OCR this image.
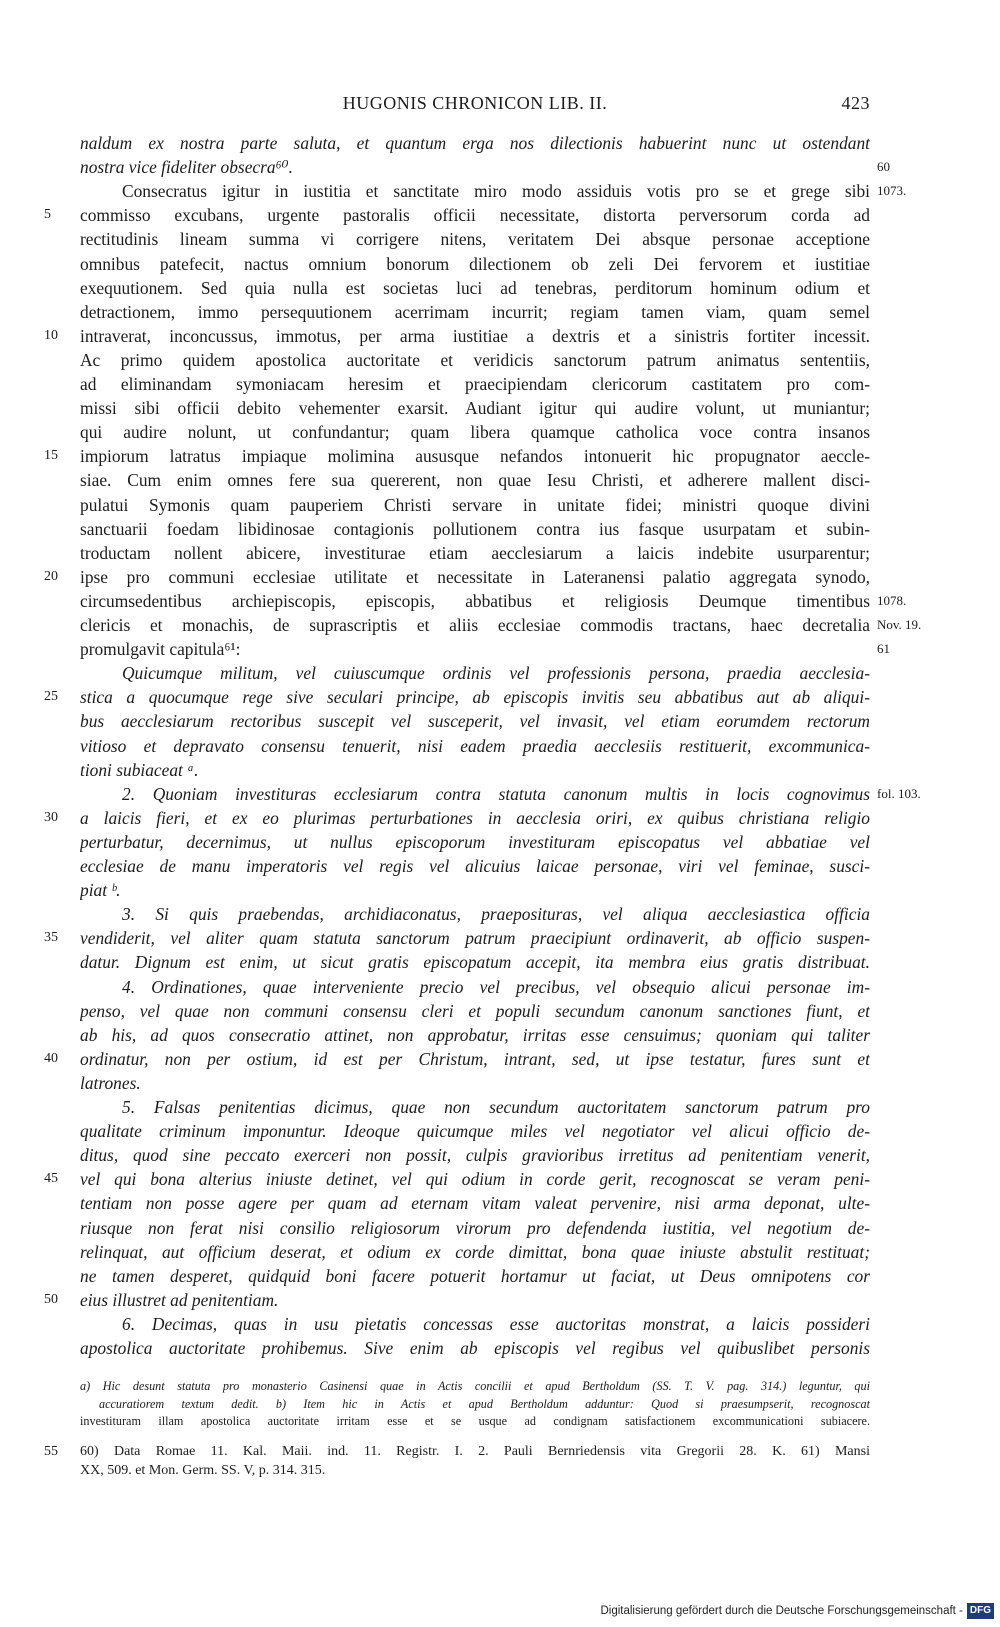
HUGONIS CHRONICON LIB. II.	423
naldum ex nostra parte saluta, et quantum erga nos dilectionis habuerint nunc ut ostendant
nostra vice fideliter obsecra⁶⁰.
Consecratus igitur in iustitia et sanctitate miro modo assiduis votis pro se et grege sibi
commisso excubans, urgente pastoralis officii necessitate, distorta perversorum corda ad
rectitudinis lineam summa vi corrigere nitens, veritatem Dei absque personae acceptione
omnibus patefecit, nactus omnium bonorum dilectionem ob zeli Dei fervorem et iustitiae
exequutionem. Sed quia nulla est societas luci ad tenebras, perditorum hominum odium et
detractionem, immo persequutionem acerrimam incurrit; regiam tamen viam, quam semel
intraverat, inconcussus, immotus, per arma iustitiae a dextris et a sinistris fortiter incessit.
Ac primo quidem apostolica auctoritate et veridicis sanctorum patrum animatus sententiis,
ad eliminandam symoniacam heresim et praecipiendam clericorum castitatem pro com-
missi sibi officii debito vehementer exarsit. Audiant igitur qui audire volunt, ut muniantur;
qui audire nolunt, ut confundantur; quam libera quamque catholica voce contra insanos
impiorum latratus impiaque molimina aususque nefandos intonuerit hic propugnator aeccle-
siae. Cum enim omnes fere sua quererent, non quae Iesu Christi, et adherere mallent disci-
pulatui Symonis quam pauperiem Christi servare in unitate fidei; ministri quoque divini
sanctuarii foedam libidinosae contagionis pollutionem contra ius fasque usurpatam et subin-
troductam nollent abicere, investiturae etiam aecclesiarum a laicis indebite usurparentur;
ipse pro communi ecclesiae utilitate et necessitate in Lateranensi palatio aggregata synodo,
circumsedentibus archiepiscopis, episcopis, abbatibus et religiosis Deumque timentibus
clericis et monachis, de suprascriptis et aliis ecclesiae commodis tractans, haec decretalia
promulgavit capitula⁶¹:
Quicumque militum, vel cuiuscumque ordinis vel professionis persona, praedia aecclesia-
stica a quocumque rege sive seculari principe, ab episcopis invitis seu abbatibus aut ab aliqui-
bus aecclesiarum rectoribus suscepit vel susceperit, vel invasit, vel etiam eorumdem rectorum
vitioso et depravato consensu tenuerit, nisi eadem praedia aecclesiis restituerit, excommunica-
tioni subiaceat ᵃ.
2. Quoniam investituras ecclesiarum contra statuta canonum multis in locis cognovimus
a laicis fieri, et ex eo plurimas perturbationes in aecclesia oriri, ex quibus christiana religio
perturbatur, decernimus, ut nullus episcoporum investituram episcopatus vel abbatiae vel
ecclesiae de manu imperatoris vel regis vel alicuius laicae personae, viri vel feminae, susci-
piat ᵇ.
3. Si quis praebendas, archidiaconatus, praeposituras, vel aliqua aecclesiastica officia
vendiderit, vel aliter quam statuta sanctorum patrum praecipiunt ordinaverit, ab officio suspen-
datur. Dignum est enim, ut sicut gratis episcopatum accepit, ita membra eius gratis distribuat.
4. Ordinationes, quae interveniente precio vel precibus, vel obsequio alicui personae im-
penso, vel quae non communi consensu cleri et populi secundum canonum sanctiones fiunt, et
ab his, ad quos consecratio attinet, non approbatur, irritas esse censuimus; quoniam qui taliter
ordinatur, non per ostium, id est per Christum, intrant, sed, ut ipse testatur, fures sunt et
latrones.
5. Falsas penitentias dicimus, quae non secundum auctoritatem sanctorum patrum pro
qualitate criminum imponuntur. Ideoque quicumque miles vel negotiator vel alicui officio de-
ditus, quod sine peccato exerceri non possit, culpis gravioribus irretitus ad penitentiam venerit,
vel qui bona alterius iniuste detinet, vel qui odium in corde gerit, recognoscat se veram peni-
tentiam non posse agere per quam ad eternam vitam valeat pervenire, nisi arma deponat, ulte-
riusque non ferat nisi consilio religiosorum virorum pro defendenda iustitia, vel negotium de-
relinquat, aut officium deserat, et odium ex corde dimittat, bona quae iniuste abstulit restituat;
ne tamen desperet, quidquid boni facere potuerit hortamur ut faciat, ut Deus omnipotens cor
eius illustret ad penitentiam.
6. Decimas, quas in usu pietatis concessas esse auctoritas monstrat, a laicis possideri
apostolica auctoritate prohibemus. Sive enim ab episcopis vel regibus vel quibuslibet personis
5
10
15
20
25
30
35
40
45
50
60
1073.
1078.
Nov. 19.
61
fol. 103.
a) Hic desunt statuta pro monasterio Casinensi quae in Actis concilii et apud Bertholdum (SS. T. V. pag. 314.) leguntur, qui
accuratiorem textum dedit. b) Item hic in Actis et apud Bertholdum adduntur: Quod si praesumpserit, recognoscat
investituram illam apostolica auctoritate irritam esse et se usque ad condignam satisfactionem excommunicationi subiacere.
60) Data Romae 11. Kal. Maii. ind. 11. Registr. I. 2. Pauli Bernriedensis vita Gregorii 28. K. 61) Mansi
XX, 509. et Mon. Germ. SS. V, p. 314. 315.
55
Digitalisierung gefördert durch die Deutsche Forschungsgemeinschaft - DFG
